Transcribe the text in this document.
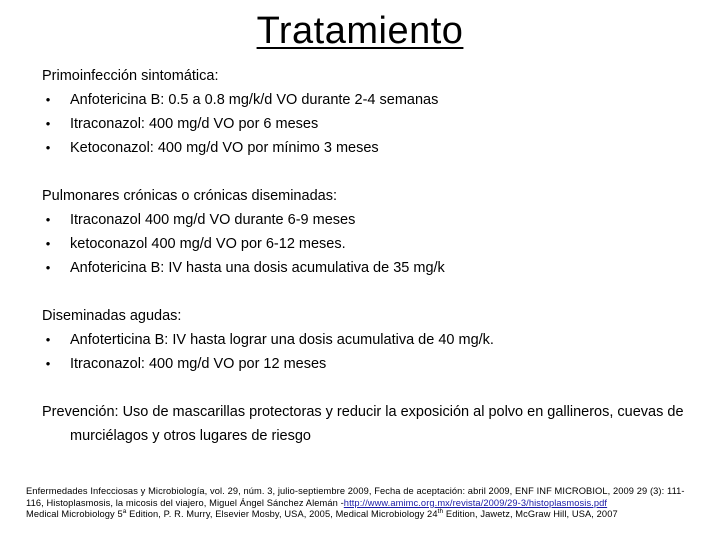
Tratamiento
Primoinfección sintomática:
• Anfotericina B: 0.5 a 0.8 mg/k/d VO durante 2-4 semanas
• Itraconazol: 400 mg/d VO por 6 meses
• Ketoconazol: 400 mg/d VO por mínimo 3 meses
Pulmonares crónicas o crónicas diseminadas:
• Itraconazol 400 mg/d VO durante 6-9 meses
• ketoconazol 400 mg/d VO por 6-12 meses.
• Anfotericina B: IV hasta una dosis acumulativa de 35 mg/k
Diseminadas agudas:
• Anfoterticina B: IV hasta lograr una dosis acumulativa de 40 mg/k.
• Itraconazol: 400 mg/d VO por 12 meses
Prevención: Uso de mascarillas protectoras y reducir la exposición al polvo en gallineros, cuevas de murciélagos y otros lugares de riesgo

Enfermedades Infecciosas y Microbiología, vol. 29, núm. 3, julio-septiembre 2009, Fecha de aceptación: abril 2009, ENF INF MICROBIOL, 2009 29 (3): 111-116, Histoplasmosis, la micosis del viajero, Miguel Ángel Sánchez Alemán -http://www.amimc.org.mx/revista/2009/29-3/histoplasmosis.pdf

Medical Microbiology 5$^a$ Edition, P. R. Murry, Elsevier Mosby, USA, 2005, Medical Microbiology 24th Edition, Jawetz, McGraw Hill, USA, 2007
